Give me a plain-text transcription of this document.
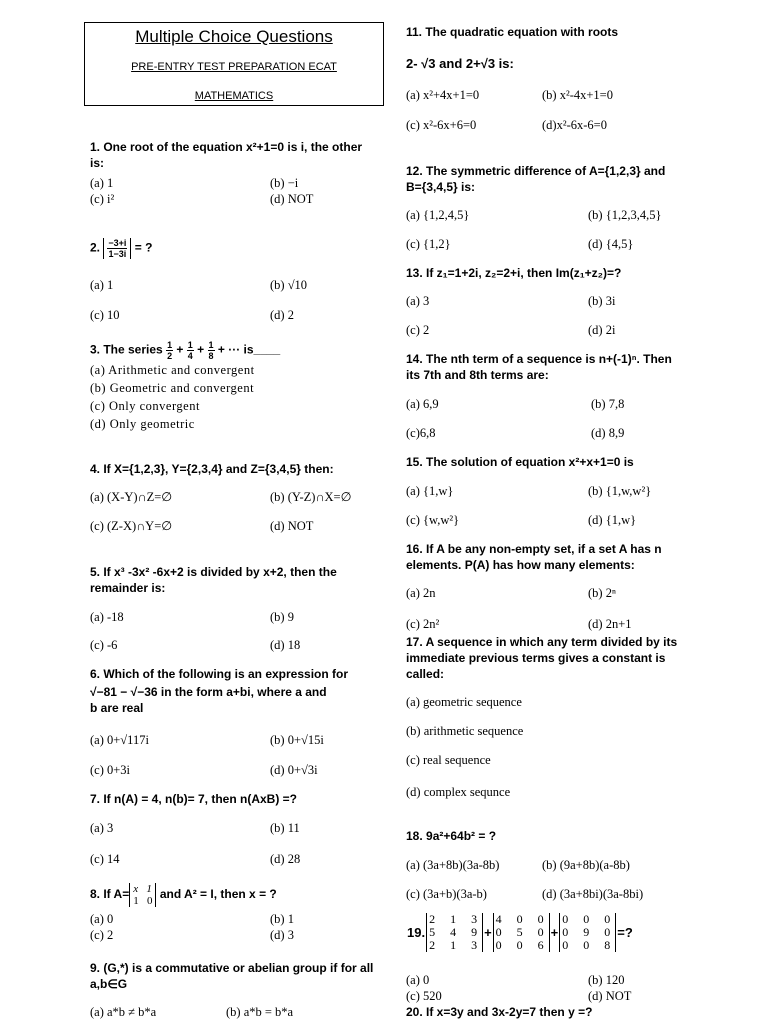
Multiple Choice Questions
PRE-ENTRY TEST PREPARATION ECAT
MATHEMATICS
1. One root of the equation x²+1=0 is i, the other is:
(a) 1	(b) −i
(c) i²	(d) NOT
2. $\frac{-3+i}{1-3i}$ = ?
(a) 1	(b) √10
(c) 10	(d) 2
3. The series $\frac{1}{2} + \frac{1}{4} + \frac{1}{8}$ + ··· is____
(a) Arithmetic and convergent
(b) Geometric and convergent
(c) Only convergent
(d) Only geometric
4. If X={1,2,3}, Y={2,3,4} and Z={3,4,5} then:
(a) (X-Y)∩Z=∅	(b) (Y-Z)∩X=∅
(c) (Z-X)∩Y=∅	(d) NOT
5. If x³ -3x² -6x+2 is divided by x+2, then the remainder is:
(a) -18	(b) 9
(c) -6	(d) 18
6. Which of the following is an expression for
√−81 − √−36 in the form a+bi, where a and
b are real
(a) 0+√117i	(b) 0+√15i
(c) 0+3i	(d) 0+√3i
7. If n(A) = 4, n(b)= 7, then n(AxB) =?
(a) 3	(b) 11
(c) 14	(d) 28
8. If A= x   1
1   0 and A² = I, then x = ?
(a) 0	(b) 1
(c) 2	(d) 3
9. (G,*) is a commutative or abelian group if for all a,b∈G
(a) a*b ≠ b*a	(b) a*b = b*a
11. The quadratic equation with roots
2- √3 and 2+√3 is:
(a) x²+4x+1=0	(b) x²-4x+1=0
(c) x²-6x+6=0	(d)x²-6x-6=0
12. The symmetric difference of A={1,2,3} and B={3,4,5} is:
(a) {1,2,4,5}	(b) {1,2,3,4,5}
(c) {1,2}	(d) {4,5}
13. If z₁=1+2i, z₂=2+i, then Im(z₁+z₂)=?
(a) 3	(b) 3i
(c) 2	(d) 2i
14. The nth term of a sequence is n+(-1)ⁿ. Then its 7th and 8th terms are:
(a) 6,9	(b) 7,8
(c)6,8	(d) 8,9
15. The solution of equation x²+x+1=0 is
(a) {1,w}	(b) {1,w,w²}
(c) {w,w²}	(d) {1,w}
16. If A be any non-empty set, if a set A has n elements. P(A) has how many elements:
(a) 2n	(b) 2ⁿ
(c) 2n²	(d) 2n+1
17. A sequence in which any term divided by its immediate previous terms gives a constant is called:
(a) geometric sequence
(b) arithmetic sequence
(c) real sequence
(d) complex sequnce
18. 9a²+64b² = ?
(a) (3a+8b)(3a-8b)	(b) (9a+8b)(a-8b)
(c) (3a+b)(3a-b)	(d) (3a+8bi)(3a-8bi)
19.
2  1  3
5  4  9
2  1  3
+
4  0  0
0  5  0
0  0  6
+
0  0  0
0  9  0
0  0  8
=?
(a) 0	(b) 120
(c) 520	(d) NOT
20. If x=3y and 3x-2y=7 then y =?
